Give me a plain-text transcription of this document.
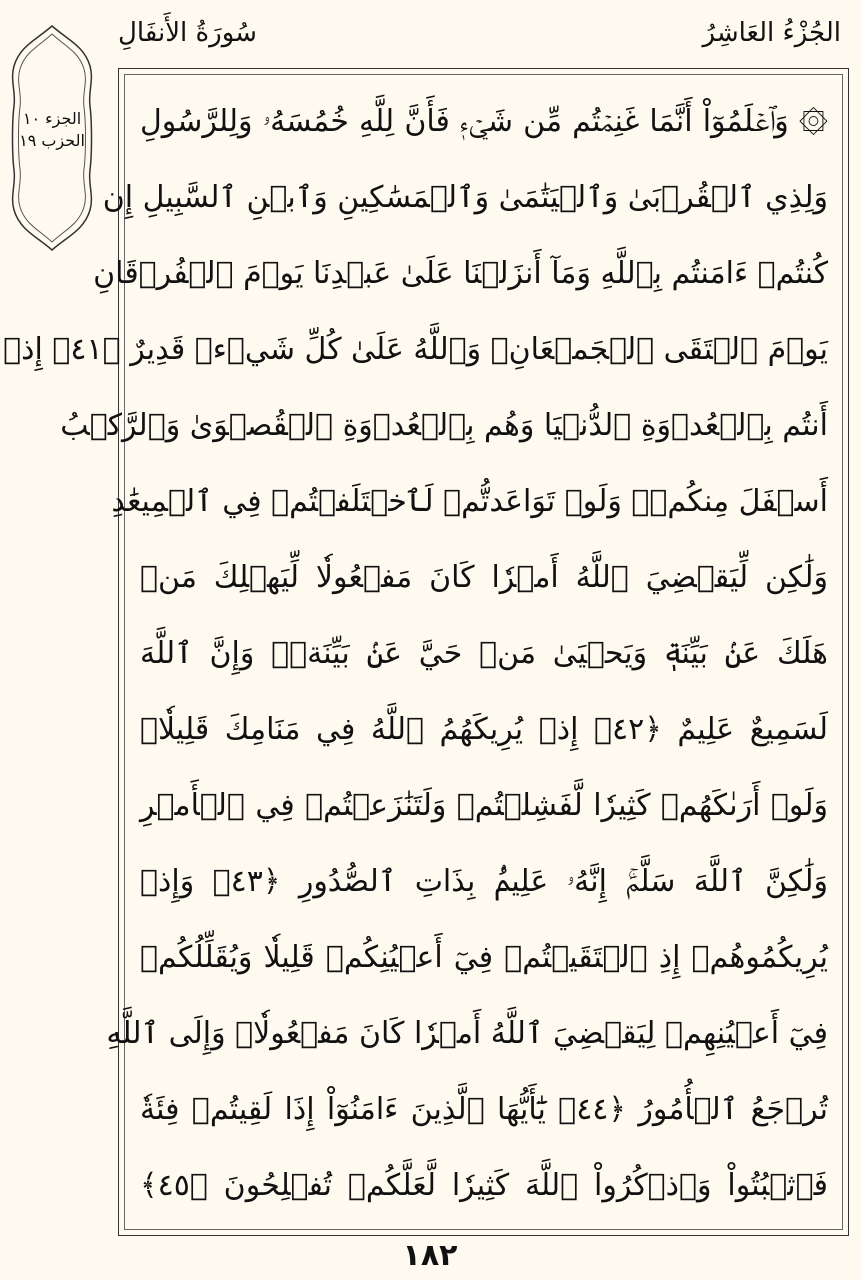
سُورَةُ الأَنفَالِ	الجُزْءُ العَاشِرُ
الجزء ١٠
الحزب ١٩
۞ وَٱعۡلَمُوٓاْ أَنَّمَا غَنِمۡتُم مِّن شَيۡءٖ فَأَنَّ لِلَّهِ خُمُسَهُۥ وَلِلرَّسُولِ
وَلِذِي ٱلۡقُرۡبَىٰ وَٱلۡيَتَٰمَىٰ وَٱلۡمَسَٰكِينِ وَٱبۡنِ ٱلسَّبِيلِ إِن
كُنتُمۡ ءَامَنتُم بِٱللَّهِ وَمَآ أَنزَلۡنَا عَلَىٰ عَبۡدِنَا يَوۡمَ ٱلۡفُرۡقَانِ
يَوۡمَ ٱلۡتَقَى ٱلۡجَمۡعَانِۗ وَٱللَّهُ عَلَىٰ كُلِّ شَيۡءٖ قَدِيرٌ ﴿٤١﴾ إِذۡ
أَنتُم بِٱلۡعُدۡوَةِ ٱلدُّنۡيَا وَهُم بِٱلۡعُدۡوَةِ ٱلۡقُصۡوَىٰ وَٱلرَّكۡبُ
أَسۡفَلَ مِنكُمۡۚ وَلَوۡ تَوَاعَدتُّمۡ لَٱخۡتَلَفۡتُمۡ فِي ٱلۡمِيعَٰدِ
وَلَٰكِن لِّيَقۡضِيَ ٱللَّهُ أَمۡرٗا كَانَ مَفۡعُولٗا لِّيَهۡلِكَ مَنۡ
هَلَكَ عَنۢ بَيِّنَةٖ وَيَحۡيَىٰ مَنۡ حَيَّ عَنۢ بَيِّنَةٖۗ وَإِنَّ ٱللَّهَ
لَسَمِيعٌ عَلِيمٌ ﴿٤٢﴾ إِذۡ يُرِيكَهُمُ ٱللَّهُ فِي مَنَامِكَ قَلِيلٗاۖ
وَلَوۡ أَرَىٰكَهُمۡ كَثِيرٗا لَّفَشِلۡتُمۡ وَلَتَنَٰزَعۡتُمۡ فِي ٱلۡأَمۡرِ
وَلَٰكِنَّ ٱللَّهَ سَلَّمَۚ إِنَّهُۥ عَلِيمُۢ بِذَاتِ ٱلصُّدُورِ ﴿٤٣﴾ وَإِذۡ
يُرِيكُمُوهُمۡ إِذِ ٱلۡتَقَيۡتُمۡ فِيٓ أَعۡيُنِكُمۡ قَلِيلٗا وَيُقَلِّلُكُمۡ
فِيٓ أَعۡيُنِهِمۡ لِيَقۡضِيَ ٱللَّهُ أَمۡرٗا كَانَ مَفۡعُولٗاۗ وَإِلَى ٱللَّهِ
تُرۡجَعُ ٱلۡأُمُورُ ﴿٤٤﴾ يَٰٓأَيُّهَا ٱلَّذِينَ ءَامَنُوٓاْ إِذَا لَقِيتُمۡ فِئَةٗ
فَٱثۡبُتُواْ وَٱذۡكُرُواْ ٱللَّهَ كَثِيرٗا لَّعَلَّكُمۡ تُفۡلِحُونَ ﴿٤٥﴾
١٨٢
